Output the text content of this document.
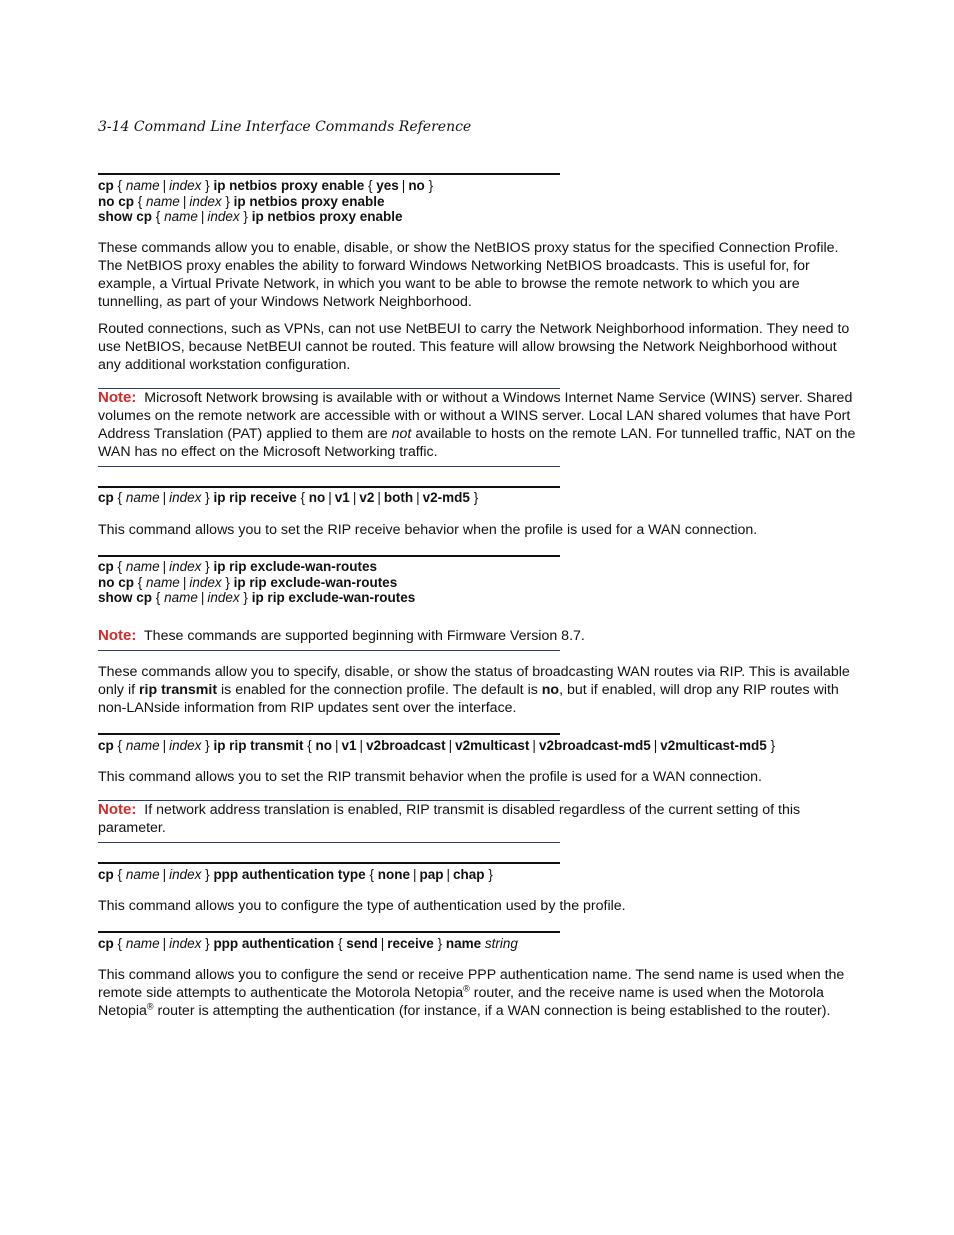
3-14 Command Line Interface Commands Reference
cp { name | index } ip netbios proxy enable { yes | no }
no cp { name | index } ip netbios proxy enable
show cp { name | index } ip netbios proxy enable
These commands allow you to enable, disable, or show the NetBIOS proxy status for the specified Connection Profile. The NetBIOS proxy enables the ability to forward Windows Networking NetBIOS broadcasts. This is useful for, for example, a Virtual Private Network, in which you want to be able to browse the remote network to which you are tunnelling, as part of your Windows Network Neighborhood.
Routed connections, such as VPNs, can not use NetBEUI to carry the Network Neighborhood information. They need to use NetBIOS, because NetBEUI cannot be routed. This feature will allow browsing the Network Neighborhood without any additional workstation configuration.
Note: Microsoft Network browsing is available with or without a Windows Internet Name Service (WINS) server. Shared volumes on the remote network are accessible with or without a WINS server. Local LAN shared volumes that have Port Address Translation (PAT) applied to them are not available to hosts on the remote LAN. For tunnelled traffic, NAT on the WAN has no effect on the Microsoft Networking traffic.
cp { name | index } ip rip receive { no | v1 | v2 | both | v2-md5 }
This command allows you to set the RIP receive behavior when the profile is used for a WAN connection.
cp { name | index } ip rip exclude-wan-routes
no cp { name | index } ip rip exclude-wan-routes
show cp { name | index } ip rip exclude-wan-routes
Note: These commands are supported beginning with Firmware Version 8.7.
These commands allow you to specify, disable, or show the status of broadcasting WAN routes via RIP. This is available only if rip transmit is enabled for the connection profile. The default is no, but if enabled, will drop any RIP routes with non-LANside information from RIP updates sent over the interface.
cp { name | index } ip rip transmit { no | v1 | v2broadcast | v2multicast | v2broadcast-md5 | v2multicast-md5 }
This command allows you to set the RIP transmit behavior when the profile is used for a WAN connection.
Note: If network address translation is enabled, RIP transmit is disabled regardless of the current setting of this parameter.
cp { name | index } ppp authentication type { none | pap | chap }
This command allows you to configure the type of authentication used by the profile.
cp { name | index } ppp authentication { send | receive } name string
This command allows you to configure the send or receive PPP authentication name. The send name is used when the remote side attempts to authenticate the Motorola Netopia® router, and the receive name is used when the Motorola Netopia® router is attempting the authentication (for instance, if a WAN connection is being established to the router).
